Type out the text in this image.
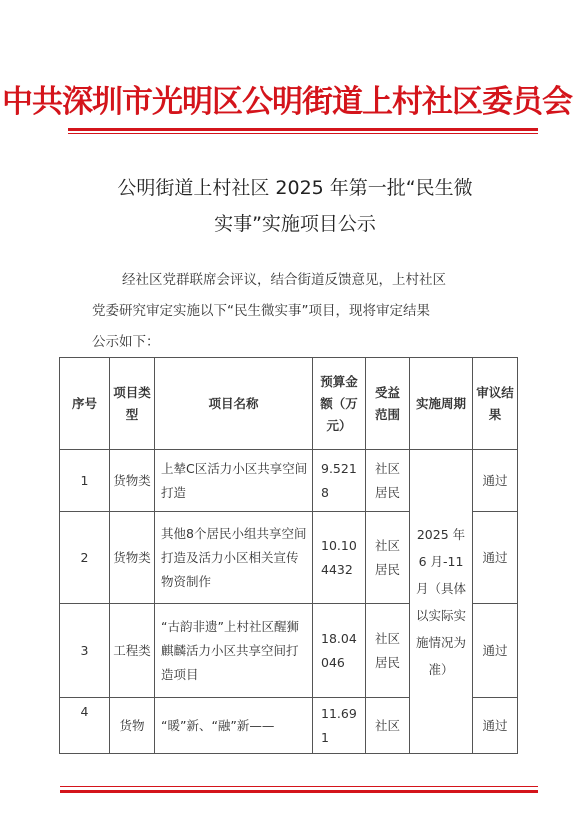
中共深圳市光明区公明街道上村社区委员会
公明街道上村社区 2025 年第一批“民生微
实事”实施项目公示
经社区党群联席会评议，结合街道反馈意见，上村社区
党委研究审定实施以下“民生微实事”项目，现将审定结果
公示如下：
序号	项目类型	项目名称	预算金额（万元）	受益范围	实施周期	审议结果
1	货物类	上辇C区活力小区共享空间打造	9.5218	社区居民	2025 年 6 月-11 月（具体以实际实施情况为准）	通过
2	货物类	其他8个居民小组共享空间打造及活力小区相关宣传物资制作	10.104432	社区居民		通过
3	工程类	“古韵非遗”上村社区醒狮麒麟活力小区共享空间打造项目	18.04046	社区居民		通过
4	货物	“暖”新、“融”新——	11.691	社区		通过
